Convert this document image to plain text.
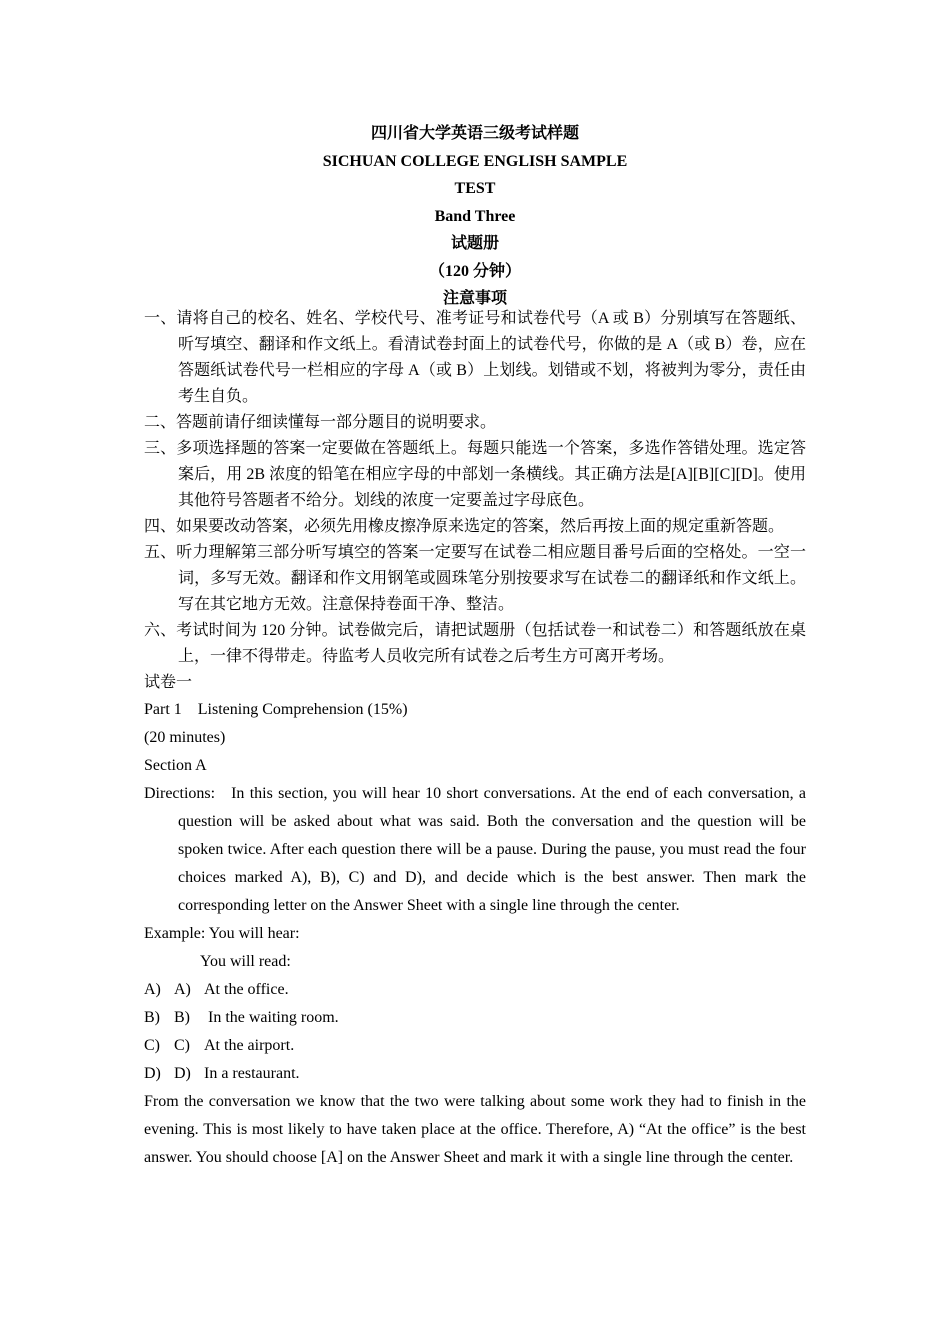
四川省大学英语三级考试样题
SICHUAN COLLEGE ENGLISH SAMPLE
TEST
Band Three
试题册
（120 分钟）
注意事项
一、请将自己的校名、姓名、学校代号、准考证号和试卷代号（A 或 B）分别填写在答题纸、听写填空、翻译和作文纸上。看清试卷封面上的试卷代号，你做的是 A（或 B）卷，应在答题纸试卷代号一栏相应的字母 A（或 B）上划线。划错或不划，将被判为零分，责任由考生自负。
二、答题前请仔细读懂每一部分题目的说明要求。
三、多项选择题的答案一定要做在答题纸上。每题只能选一个答案，多选作答错处理。选定答案后，用 2B 浓度的铅笔在相应字母的中部划一条横线。其正确方法是[A][B][C][D]。使用其他符号答题者不给分。划线的浓度一定要盖过字母底色。
四、如果要改动答案，必须先用橡皮擦净原来选定的答案，然后再按上面的规定重新答题。
五、听力理解第三部分听写填空的答案一定要写在试卷二相应题目番号后面的空格处。一空一词，多写无效。翻译和作文用钢笔或圆珠笔分别按要求写在试卷二的翻译纸和作文纸上。写在其它地方无效。注意保持卷面干净、整洁。
六、考试时间为 120 分钟。试卷做完后，请把试题册（包括试卷一和试卷二）和答题纸放在桌上，一律不得带走。待监考人员收完所有试卷之后考生方可离开考场。
试卷一
Part 1 Listening Comprehension (15%)
(20 minutes)
Section A
Directions: In this section, you will hear 10 short conversations. At the end of each conversation, a question will be asked about what was said. Both the conversation and the question will be spoken twice. After each question there will be a pause. During the pause, you must read the four choices marked A), B), C) and D), and decide which is the best answer. Then mark the corresponding letter on the Answer Sheet with a single line through the center.
Example: You will hear:
You will read:
A) A) At the office.
B) B) In the waiting room.
C) C) At the airport.
D) D) In a restaurant.
From the conversation we know that the two were talking about some work they had to finish in the evening. This is most likely to have taken place at the office. Therefore, A) “At the office” is the best answer. You should choose [A] on the Answer Sheet and mark it with a single line through the center.
